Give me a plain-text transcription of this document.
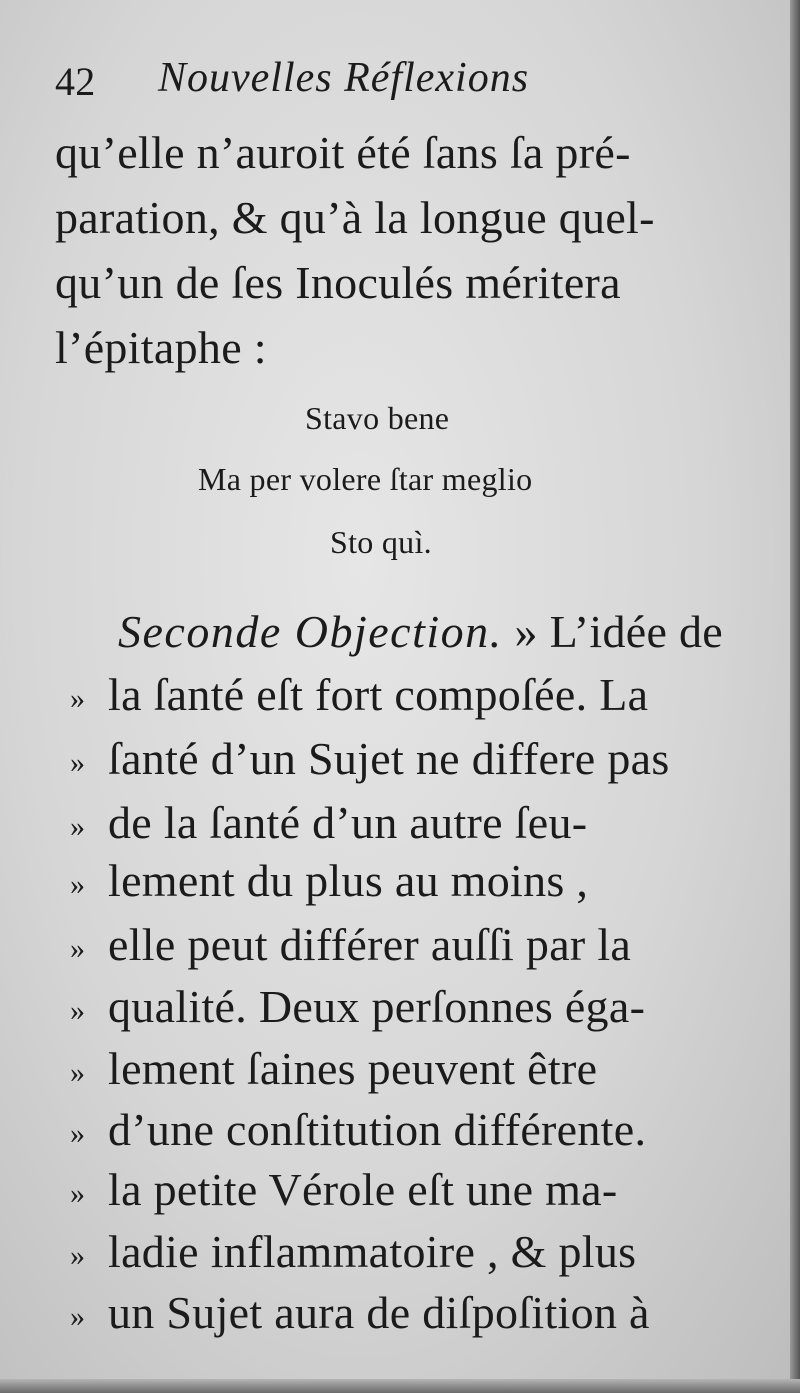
42 Nouvelles Réflexions
qu’elle n’auroit été ſans ſa pré-
paration, & qu’à la longue quel-
qu’un de ſes Inoculés méritera
l’épitaphe :
Stavo bene
Ma per volere ſtar meglio
Sto quì.
Seconde Objection. » L’idée de
» la ſanté eſt fort compoſée. La
» ſanté d’un Sujet ne differe pas
» de la ſanté d’un autre ſeu-
» lement du plus au moins ,
» elle peut différer auſſi par la
» qualité. Deux perſonnes éga-
» lement ſaines peuvent être
» d’une conſtitution différente.
» la petite Vérole eſt une ma-
» ladie inflammatoire , & plus
» un Sujet aura de diſpoſition à
